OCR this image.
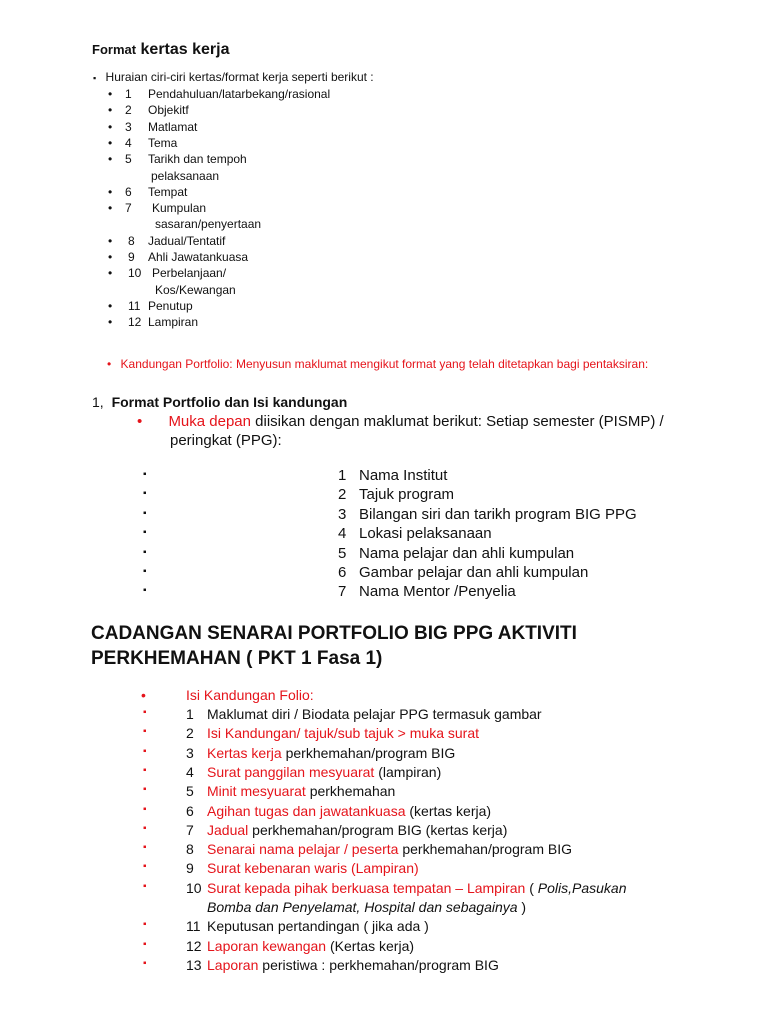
Format kertas kerja
▪ Huraian ciri-ciri kertas/format kerja seperti berikut :
• 1 Pendahuluan/latarbekang/rasional
• 2 Objekitf
• 3 Matlamat
• 4 Tema
• 5 Tarikh dan tempoh
pelaksanaan
• 6 Tempat
• 7 Kumpulan
sasaran/penyertaan
• 8 Jadual/Tentatif
• 9 Ahli Jawatankuasa
• 10 Perbelanjaan/
Kos/Kewangan
• 11 Penutup
• 12 Lampiran
• Kandungan Portfolio: Menyusun maklumat mengikut format yang telah ditetapkan bagi pentaksiran:
1, Format Portfolio dan Isi kandungan
• Muka depan diisikan dengan maklumat berikut: Setiap semester (PISMP) /
peringkat (PPG):
▪	1 Nama Institut
▪	2 Tajuk program
▪	3 Bilangan siri dan tarikh program BIG PPG
▪	4 Lokasi pelaksanaan
▪	5 Nama pelajar dan ahli kumpulan
▪	6 Gambar pelajar dan ahli kumpulan
▪	7 Nama Mentor /Penyelia
CADANGAN SENARAI PORTFOLIO BIG PPG AKTIVITI
PERKHEMAHAN ( PKT 1 Fasa 1)
•	Isi Kandungan Folio:
▪	1 Maklumat diri / Biodata pelajar PPG termasuk gambar
▪	2 Isi Kandungan/ tajuk/sub tajuk > muka surat
▪	3 Kertas kerja perkhemahan/program BIG
▪	4 Surat panggilan mesyuarat (lampiran)
▪	5 Minit mesyuarat perkhemahan
▪	6 Agihan tugas dan jawatankuasa (kertas kerja)
▪	7 Jadual perkhemahan/program BIG (kertas kerja)
▪	8 Senarai nama pelajar / peserta perkhemahan/program BIG
▪	9 Surat kebenaran waris (Lampiran)
▪	10 Surat kepada pihak berkuasa tempatan – Lampiran ( Polis,Pasukan
Bomba dan Penyelamat, Hospital dan sebagainya )
▪	11 Keputusan pertandingan ( jika ada )
▪	12 Laporan kewangan (Kertas kerja)
▪	13 Laporan peristiwa : perkhemahan/program BIG
